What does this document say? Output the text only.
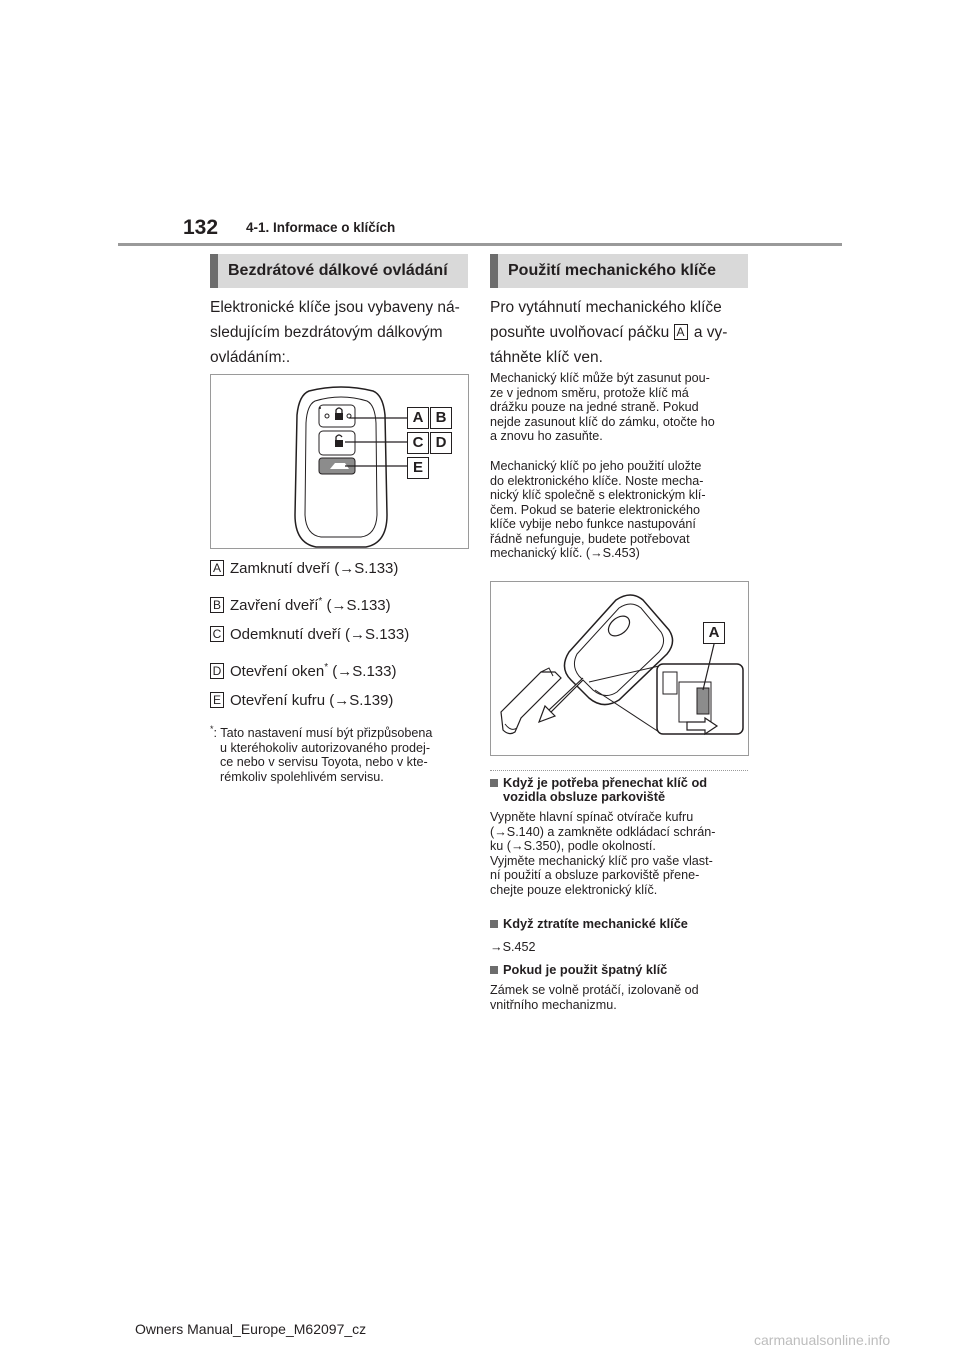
132 4-1. Informace o klíčích
Bezdrátové dálkové ovládání
Elektronické klíče jsou vybaveny ná-
sledujícím bezdrátovým dálkovým
ovládáním:.
A B
C D
E
A Zamknutí dveří (→S.133)
B Zavření dveří* (→S.133)
C Odemknutí dveří (→S.133)
D Otevření oken* (→S.133)
E Otevření kufru (→S.139)
*: Tato nastavení musí být přizpůsobena
u kteréhokoliv autorizovaného prodej-
ce nebo v servisu Toyota, nebo v kte-
rémkoliv spolehlivém servisu.
Použití mechanického klíče
Pro vytáhnutí mechanického klíče
posuňte uvolňovací páčku A a vy-
táhněte klíč ven.
Mechanický klíč může být zasunut pou-
ze v jednom směru, protože klíč má
drážku pouze na jedné straně. Pokud
nejde zasunout klíč do zámku, otočte ho
a znovu ho zasuňte.
Mechanický klíč po jeho použití uložte
do elektronického klíče. Noste mecha-
nický klíč společně s elektronickým klí-
čem. Pokud se baterie elektronického
klíče vybije nebo funkce nastupování
řádně nefunguje, budete potřebovat
mechanický klíč. (→S.453)
A
Když je potřeba přenechat klíč od
vozidla obsluze parkoviště
Vypněte hlavní spínač otvírače kufru
(→S.140) a zamkněte odkládací schrán-
ku (→S.350), podle okolností.
Vyjměte mechanický klíč pro vaše vlast-
ní použití a obsluze parkoviště přene-
chejte pouze elektronický klíč.
Když ztratíte mechanické klíče
→S.452
Pokud je použit špatný klíč
Zámek se volně protáčí, izolovaně od
vnitřního mechanizmu.
Owners Manual_Europe_M62097_cz
carmanualsonline.info
